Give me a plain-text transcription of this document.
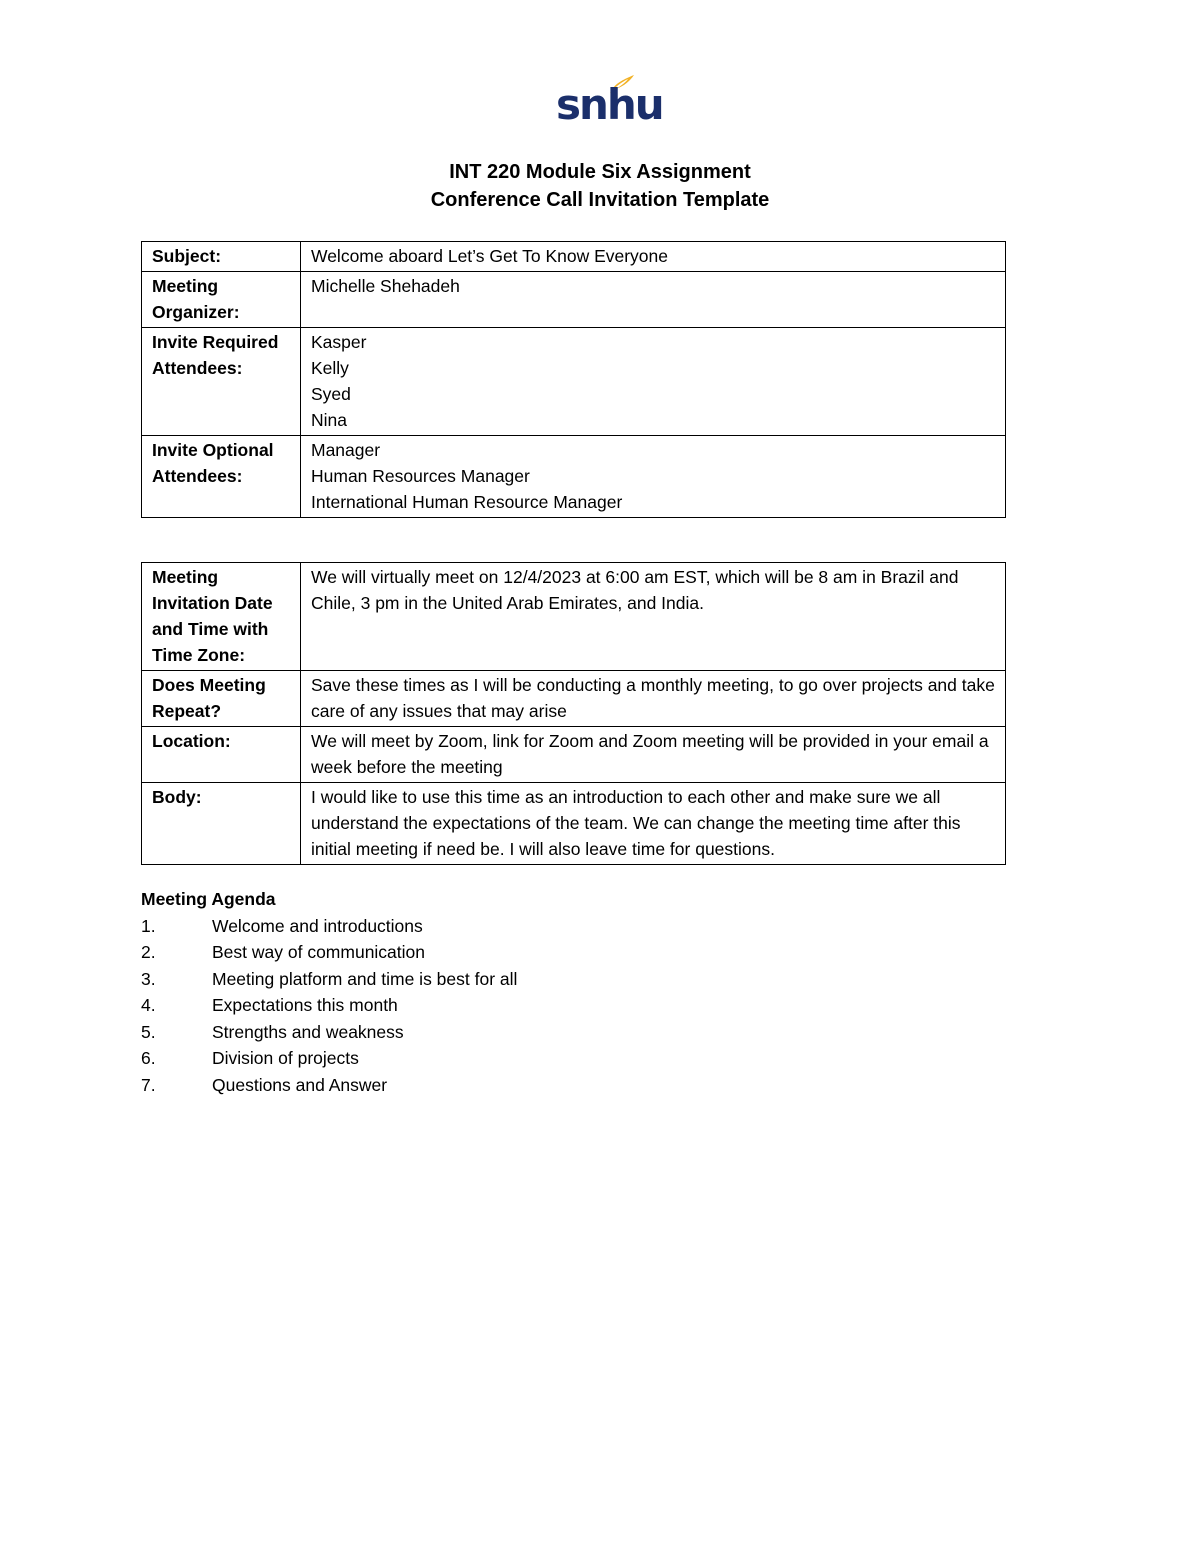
snhu
INT 220 Module Six Assignment
Conference Call Invitation Template
Subject:	Welcome aboard Let’s Get To Know Everyone

Meeting Organizer:	Michelle Shehadeh

Invite Required Attendees:	Kasper
Kelly
Syed
Nina

Invite Optional Attendees:	Manager
Human Resources Manager
International Human Resource Manager
Meeting Invitation Date and Time with Time Zone:	We will virtually meet on 12/4/2023 at 6:00 am EST, which will be 8 am in Brazil and Chile, 3 pm in the United Arab Emirates, and India.
Does Meeting Repeat?	Save these times as I will be conducting a monthly meeting, to go over projects and take care of any issues that may arise
Location:	We will meet by Zoom, link for Zoom and Zoom meeting will be provided in your email a week before the meeting
Body:	I would like to use this time as an introduction to each other and make sure we all understand the expectations of the team. We can change the meeting time after this initial meeting if need be. I will also leave time for questions.
Meeting Agenda
1.	Welcome and introductions
2.	Best way of communication
3.	Meeting platform and time is best for all
4.	Expectations this month
5.	Strengths and weakness
6.	Division of projects
7.	Questions and Answer
